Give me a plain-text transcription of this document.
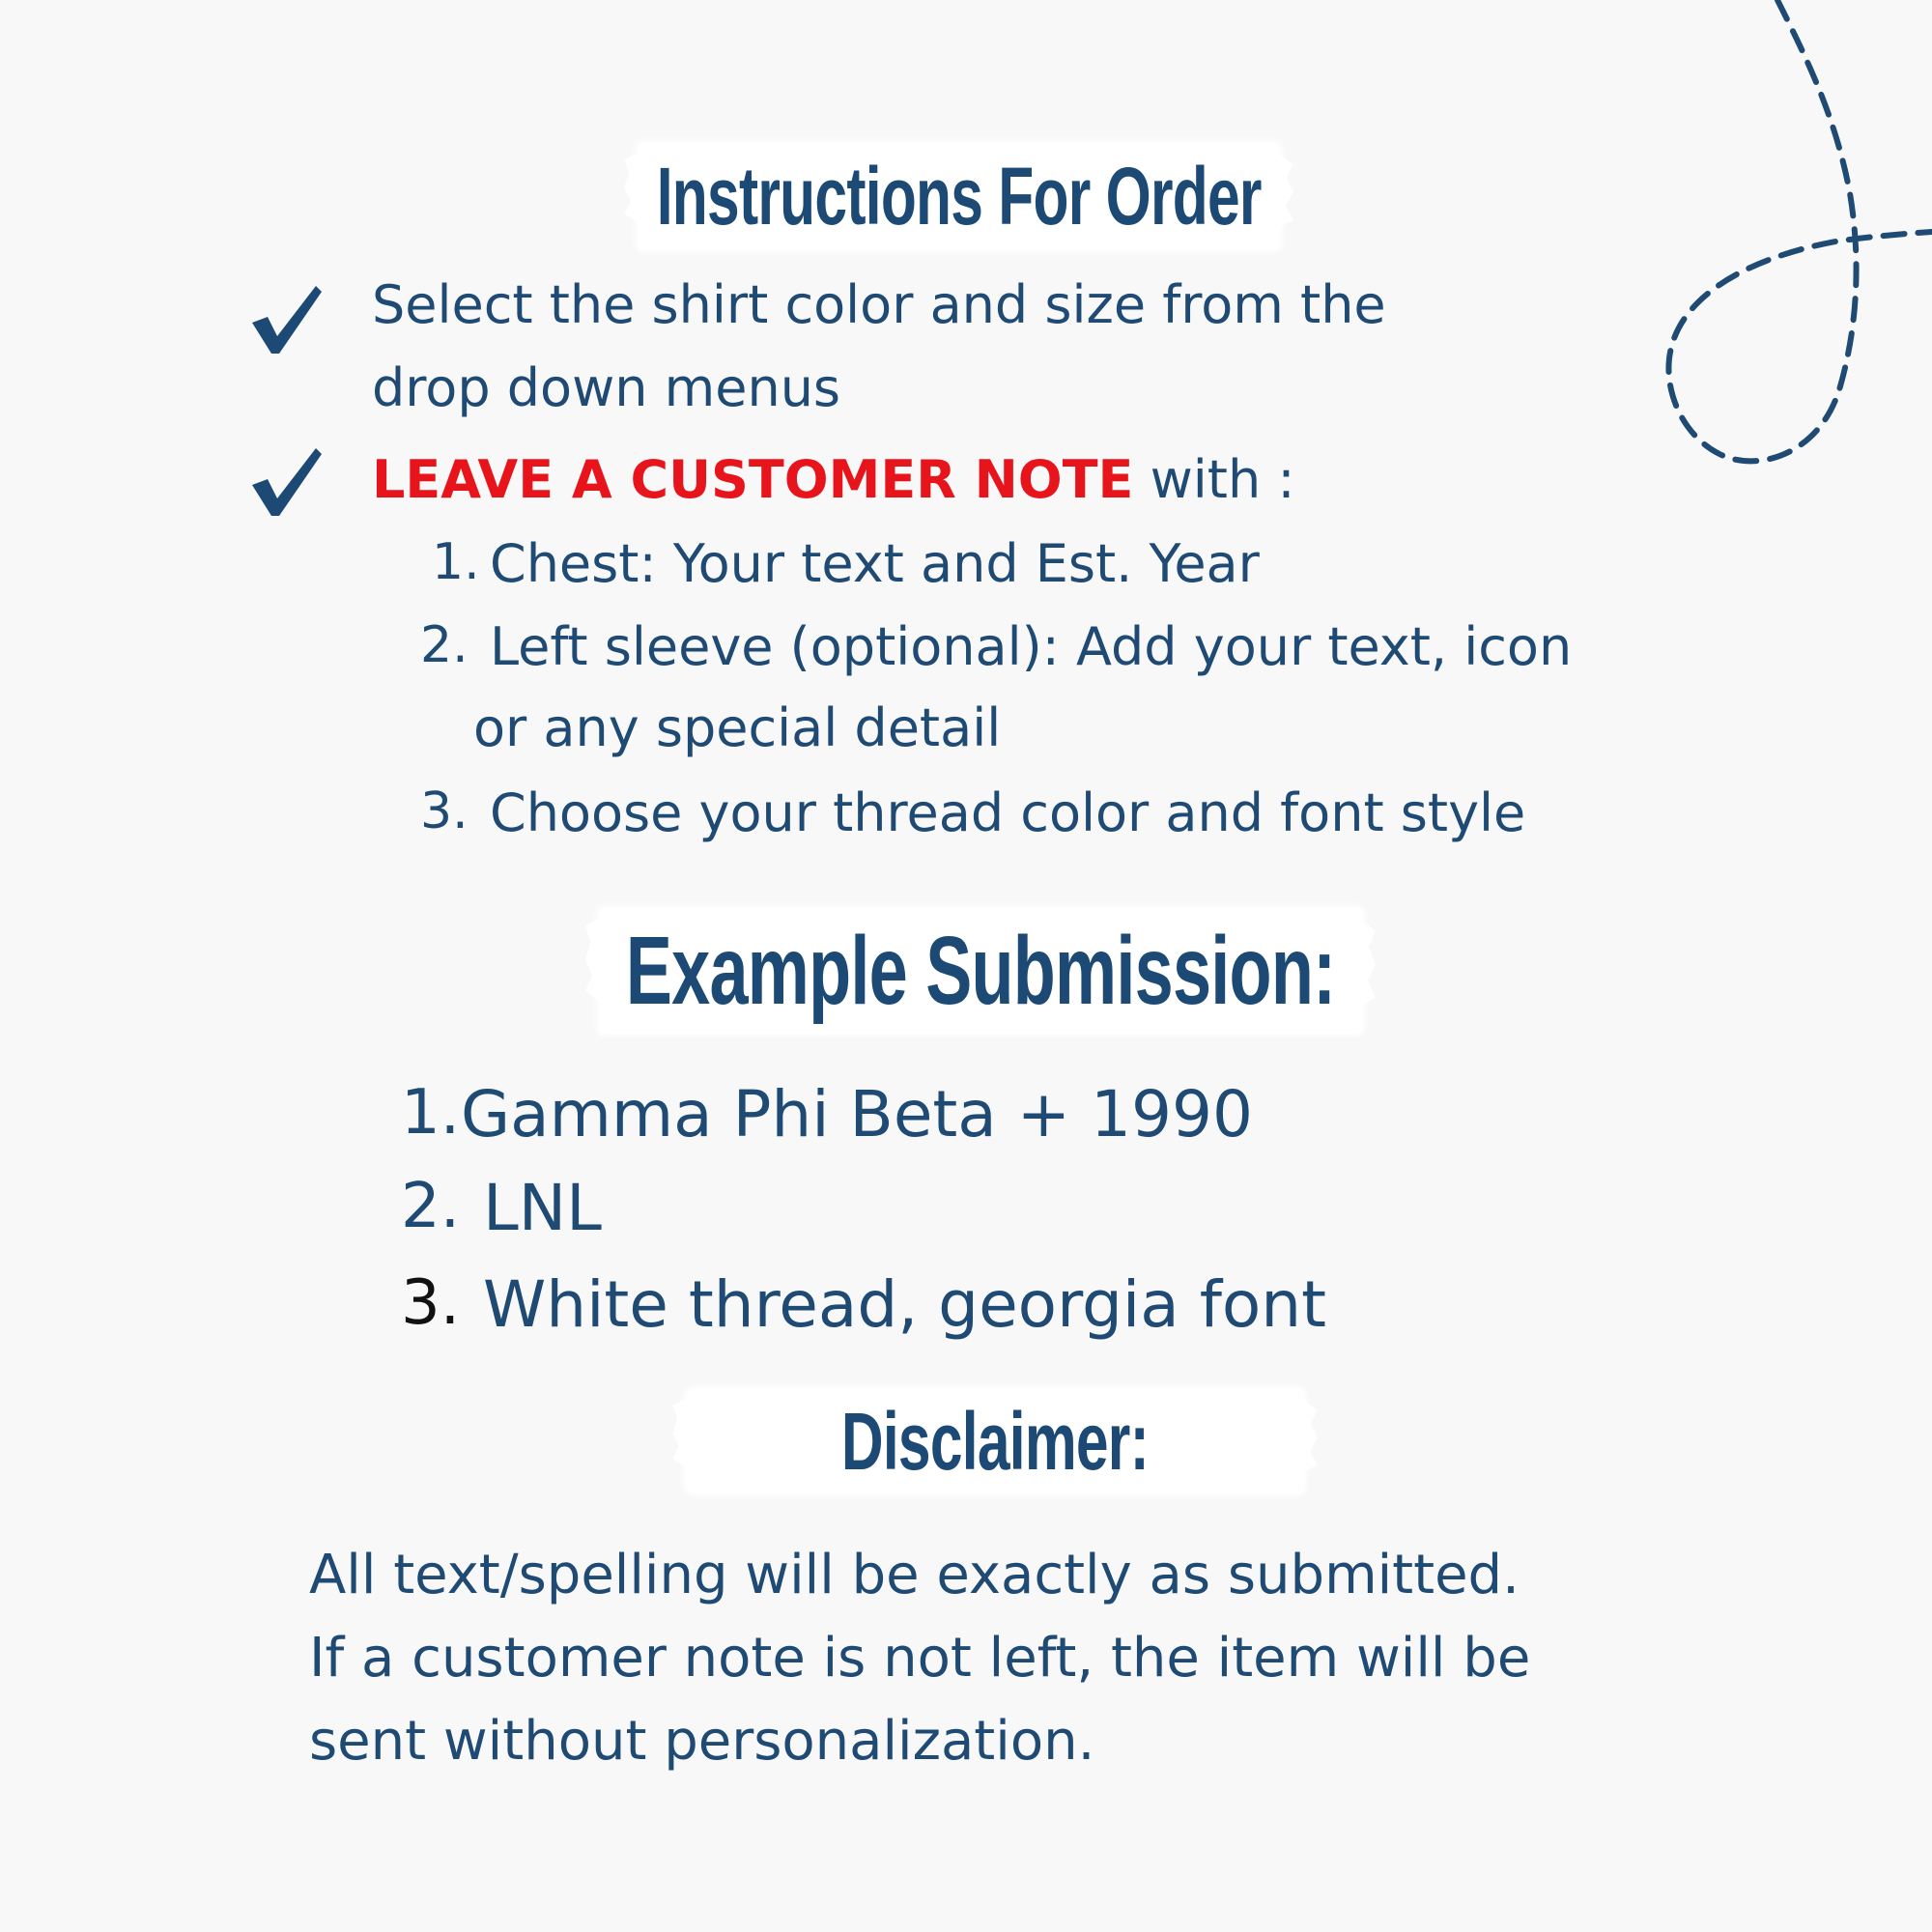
Instructions For Order
Select the shirt color and size from the
drop down menus
LEAVE A CUSTOMER NOTE with :
1. Chest: Your text and Est. Year
2. Left sleeve (optional): Add your text, icon
or any special detail
3. Choose your thread color and font style
Example Submission:
1. Gamma Phi Beta + 1990
2. LNL
3. White thread, georgia font
Disclaimer:
All text/spelling will be exactly as submitted.
If a customer note is not left, the item will be
sent without personalization.
